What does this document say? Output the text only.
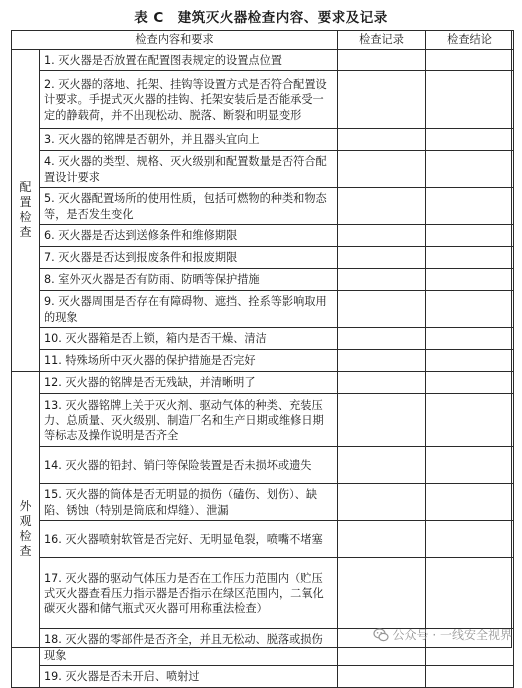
表 C　建筑灭火器检查内容、要求及记录
检查内容和要求		检查记录	检查结论
配置检查	1. 灭火器是否放置在配置图表规定的设置点位置		
	2. 灭火器的落地、托架、挂钩等设置方式是否符合配置设计要求。手提式灭火器的挂钩、托架安装后是否能承受一定的静载荷，并不出现松动、脱落、断裂和明显变形		
	3. 灭火器的铭牌是否朝外，并且器头宜向上		
	4. 灭火器的类型、规格、灭火级别和配置数量是否符合配置设计要求		
	5. 灭火器配置场所的使用性质，包括可燃物的种类和物态等，是否发生变化		
	6. 灭火器是否达到送修条件和维修期限		
	7. 灭火器是否达到报废条件和报废期限		
	8. 室外灭火器是否有防雨、防晒等保护措施		
	9. 灭火器周围是否存在有障碍物、遮挡、拴系等影响取用的现象		
	10. 灭火器箱是否上锁，箱内是否干燥、清洁		
	11. 特殊场所中灭火器的保护措施是否完好		
外观检查	12. 灭火器的铭牌是否无残缺，并清晰明了		
	13. 灭火器铭牌上关于灭火剂、驱动气体的种类、充装压力、总质量、灭火级别、制造厂名和生产日期或维修日期等标志及操作说明是否齐全		
	14. 灭火器的铅封、销闩等保险装置是否未损坏或遗失		
	15. 灭火器的筒体是否无明显的损伤（磕伤、划伤）、缺陷、锈蚀（特别是筒底和焊缝）、泄漏		
	16. 灭火器喷射软管是否完好、无明显龟裂，喷嘴不堵塞		
	17. 灭火器的驱动气体压力是否在工作压力范围内（贮压式灭火器查看压力指示器是否指示在绿区范围内，二氧化碳灭火器和储气瓶式灭火器可用称重法检查）		
	18. 灭火器的零部件是否齐全，并且无松动、脱落或损伤现象		
	19. 灭火器是否未开启、喷射过		
公众号 · 一线安全视界
